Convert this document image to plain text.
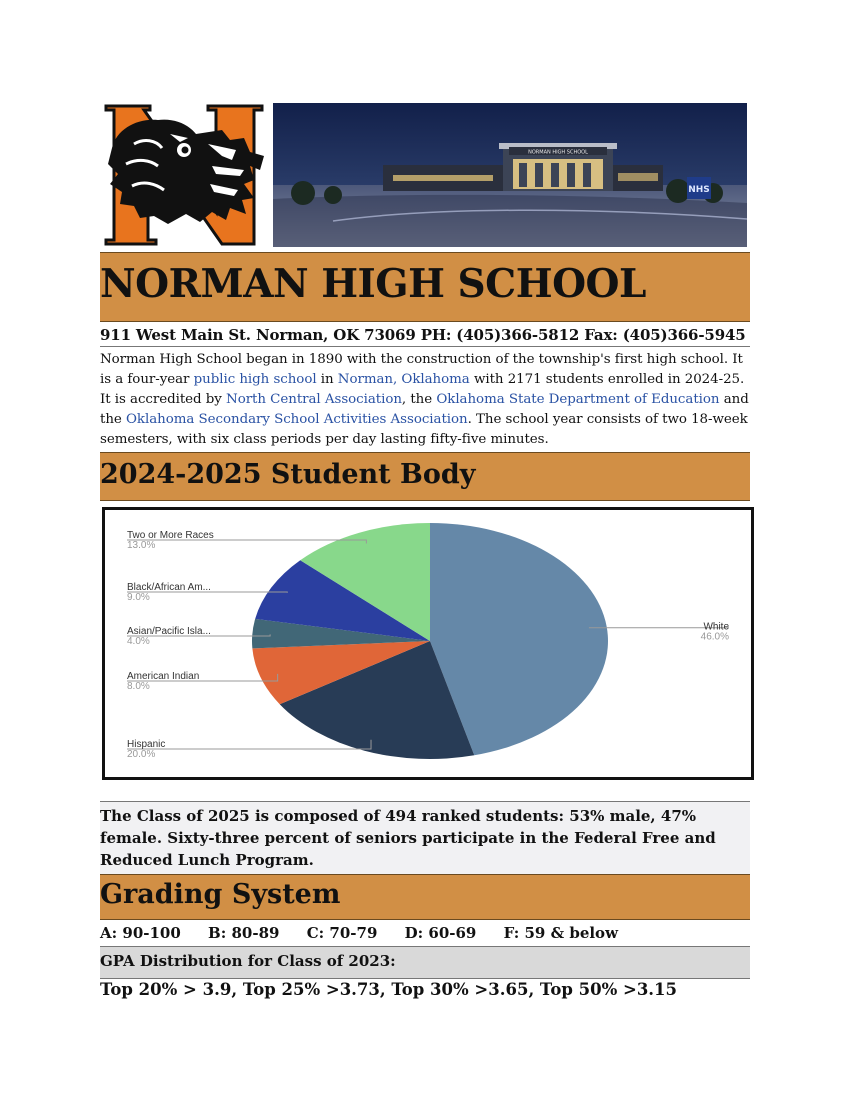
NORMAN HIGH SCHOOL
NHS
NORMAN HIGH SCHOOL
911 West Main St. Norman, OK 73069 PH: (405)366-5812 Fax: (405)366-5945
Norman High School began in 1890 with the construction of the township's first high school. It is a four-year public high school in Norman, Oklahoma with 2171 students enrolled in 2024-25. It is accredited by North Central Association, the Oklahoma State Department of Education and the Oklahoma Secondary School Activities Association. The school year consists of two 18-week semesters, with six class periods per day lasting fifty-five minutes.
2024-2025 Student Body
White
46.0%
Hispanic
20.0%
American Indian
8.0%
Asian/Pacific Isla...
4.0%
Black/African Am...
9.0%
Two or More Races
13.0%
The Class of 2025 is composed of 494 ranked students: 53% male, 47% female. Sixty-three percent of seniors participate in the Federal Free and Reduced Lunch Program.
Grading System
A: 90-100 B: 80-89 C: 70-79 D: 60-69 F: 59 & below
GPA Distribution for Class of 2023:
Top 20% > 3.9, Top 25% >3.73, Top 30% >3.65, Top 50% >3.15
